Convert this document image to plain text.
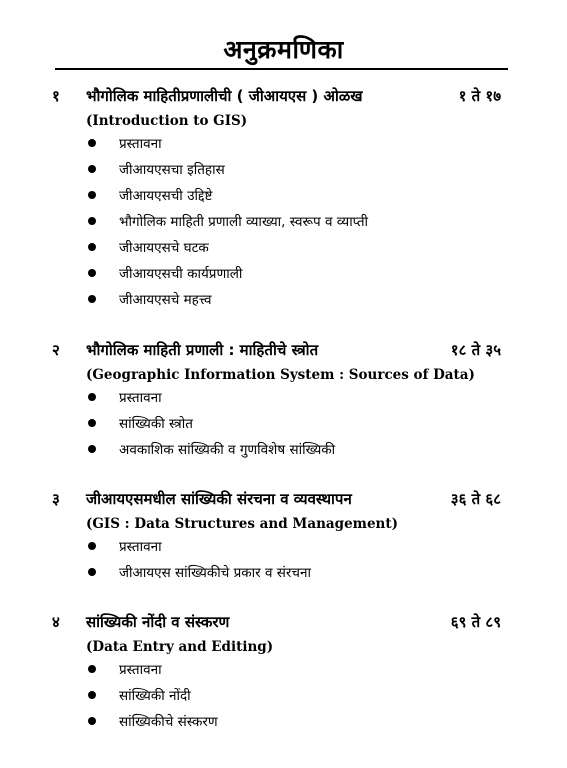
अनुक्रमणिका
१ भौगोलिक माहितीप्रणालीची ( जीआयएस ) ओळख	१ ते १७
(Introduction to GIS)
प्रस्तावना
जीआयएसचा इतिहास
जीआयएसची उद्दिष्टे
भौगोलिक माहिती प्रणाली व्याख्या, स्वरूप व व्याप्ती
जीआयएसचे घटक
जीआयएसची कार्यप्रणाली
जीआयएसचे महत्त्व
२ भौगोलिक माहिती प्रणाली : माहितीचे स्त्रोत	१८ ते ३५
(Geographic Information System : Sources of Data)
प्रस्तावना
सांख्यिकी स्त्रोत
अवकाशिक सांख्यिकी व गुणविशेष सांख्यिकी
३ जीआयएसमधील सांख्यिकी संरचना व व्यवस्थापन	३६ ते ६८
(GIS : Data Structures and Management)
प्रस्तावना
जीआयएस सांख्यिकीचे प्रकार व संरचना
४ सांख्यिकी नोंदी व संस्करण	६९ ते ८९
(Data Entry and Editing)
प्रस्तावना
सांख्यिकी नोंदी
सांख्यिकीचे संस्करण
